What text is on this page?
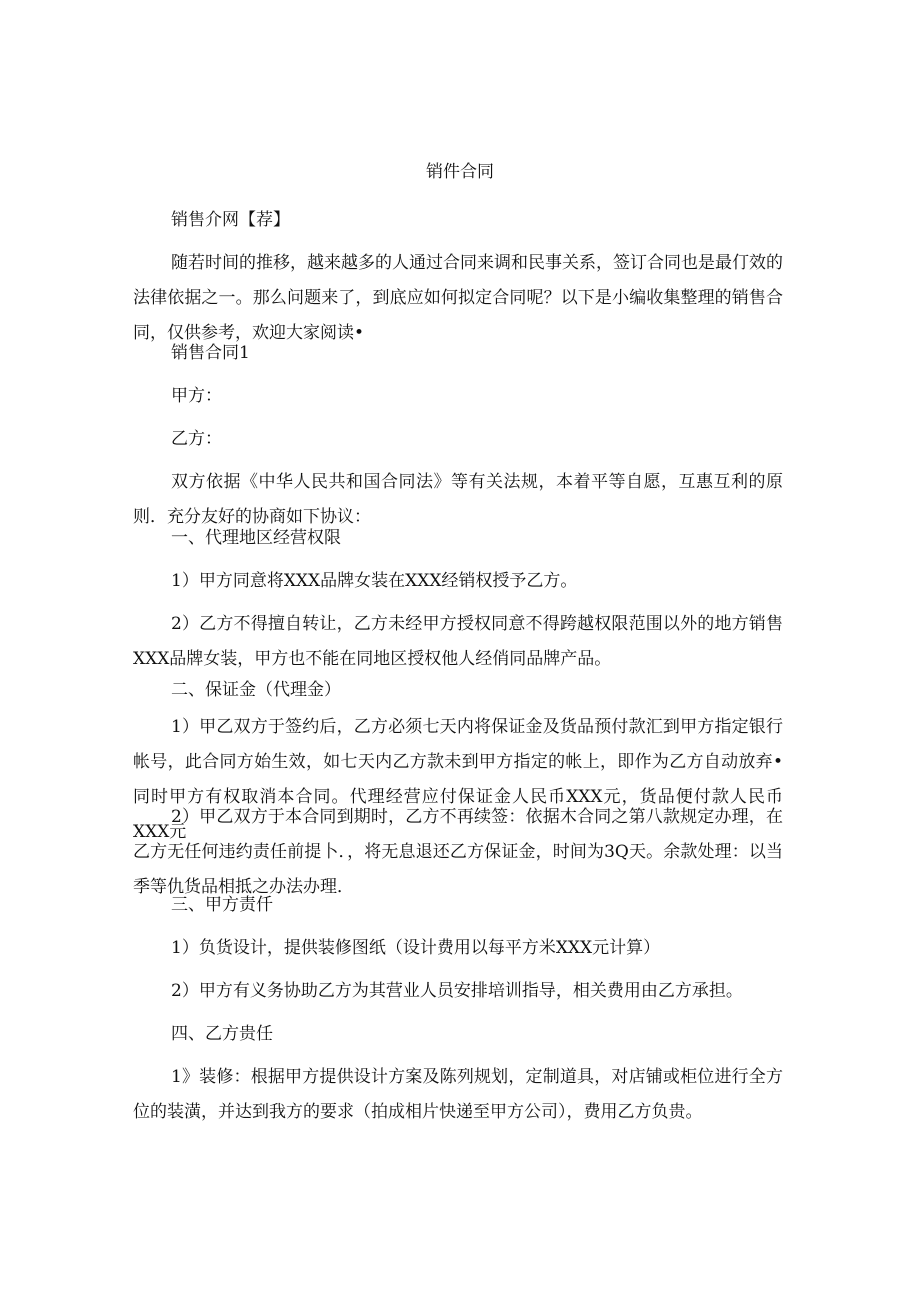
销件合同

销售介网【荐】

随若时间的推移，越来越多的人通过合同来调和民事关系，签订合同也是最仃效的法律依据之一。那么问题来了，到底应如何拟定合同呢？以下是小编收集整理的销售合同，仅供参考，欢迎大家阅读•

销售合同1

甲方：

乙方：

双方依据《中华人民共和国合同法》等有关法规，本着平等自愿，互惠互利的原则．充分友好的协商如下协议：

一、代理地区经营权限

1）甲方同意将XXX品牌女装在XXX经销权授予乙方。

2）乙方不得擅自转让，乙方未经甲方授权同意不得跨越权限范围以外的地方销售XXX品牌女装，甲方也不能在同地区授权他人经俏同品牌产品。

二、保证金（代理金）

1）甲乙双方于签约后，乙方必须七天内将保证金及货品预付款汇到甲方指定银行帐号，此合同方始生效，如七天内乙方款未到甲方指定的帐上，即作为乙方自动放弃•同时甲方有权取消本合同。代理经营应付保证金人民币XXX元，货品便付款人民币XXX元

2）甲乙双方于本合同到期时，乙方不再续签：依据木合同之第八款规定办理，在乙方无任何违约责任前提卜．，将无息退还乙方保证金，时间为3Q天。余款处理：以当季等仇货品相抵之办法办理．

三、甲方责仟

1）负货设计，提供装修图纸（设计费用以每平方米XXX元计算）

2）甲方有义务协助乙方为其营业人员安排培训指导，相关费用由乙方承担。

四、乙方贵任

1》装修：根据甲方提供设计方案及陈列规划，定制道具，对店铺或柜位进行全方位的装潢，并达到我方的要求（拍成相片快递至甲方公司），费用乙方负贵。
